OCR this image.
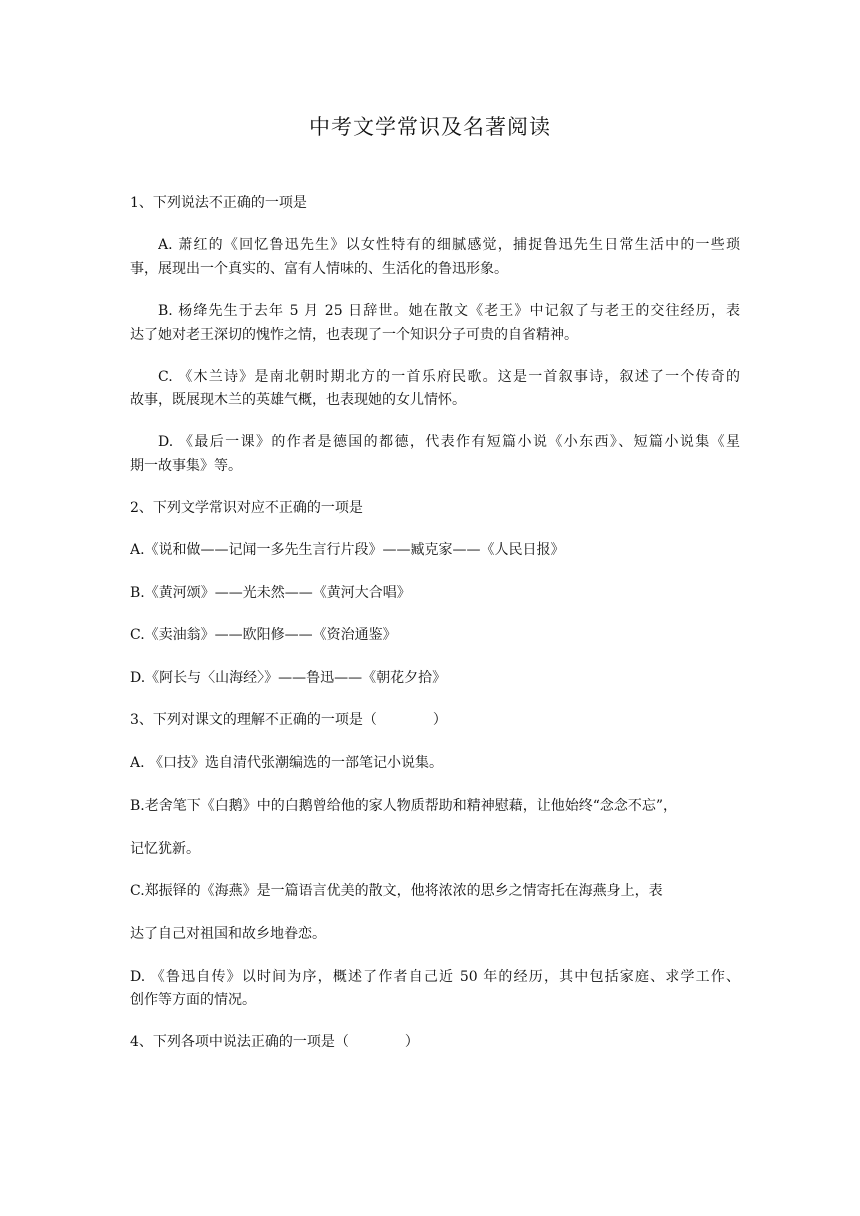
中考文学常识及名著阅读
1、下列说法不正确的一项是
A. 萧红的《回忆鲁迅先生》以女性特有的细腻感觉，捕捉鲁迅先生日常生活中的一些琐
事，展现出一个真实的、富有人情味的、生活化的鲁迅形象。
B. 杨绛先生于去年 5 月 25 日辞世。她在散文《老王》中记叙了与老王的交往经历，表
达了她对老王深切的愧怍之情，也表现了一个知识分子可贵的自省精神。
C. 《木兰诗》是南北朝时期北方的一首乐府民歌。这是一首叙事诗，叙述了一个传奇的
故事，既展现木兰的英雄气概，也表现她的女儿情怀。
D. 《最后一课》的作者是德国的都德，代表作有短篇小说《小东西》、短篇小说集《星
期一故事集》等。
2、下列文学常识对应不正确的一项是
A.《说和做——记闻一多先生言行片段》——臧克家——《人民日报》
B.《黄河颂》——光未然——《黄河大合唱》
C.《卖油翁》——欧阳修——《资治通鉴》
D.《阿长与〈山海经〉》——鲁迅——《朝花夕拾》
3、下列对课文的理解不正确的一项是（　　　　）
A. 《口技》选自清代张潮编选的一部笔记小说集。
B.老舍笔下《白鹅》中的白鹅曾给他的家人物质帮助和精神慰藉，让他始终“念念不忘”，
记忆犹新。
C.郑振铎的《海燕》是一篇语言优美的散文，他将浓浓的思乡之情寄托在海燕身上，表
达了自己对祖国和故乡地眷恋。
D. 《鲁迅自传》以时间为序，概述了作者自己近 50 年的经历，其中包括家庭、求学工作、
创作等方面的情况。
4、下列各项中说法正确的一项是（　　　　）
